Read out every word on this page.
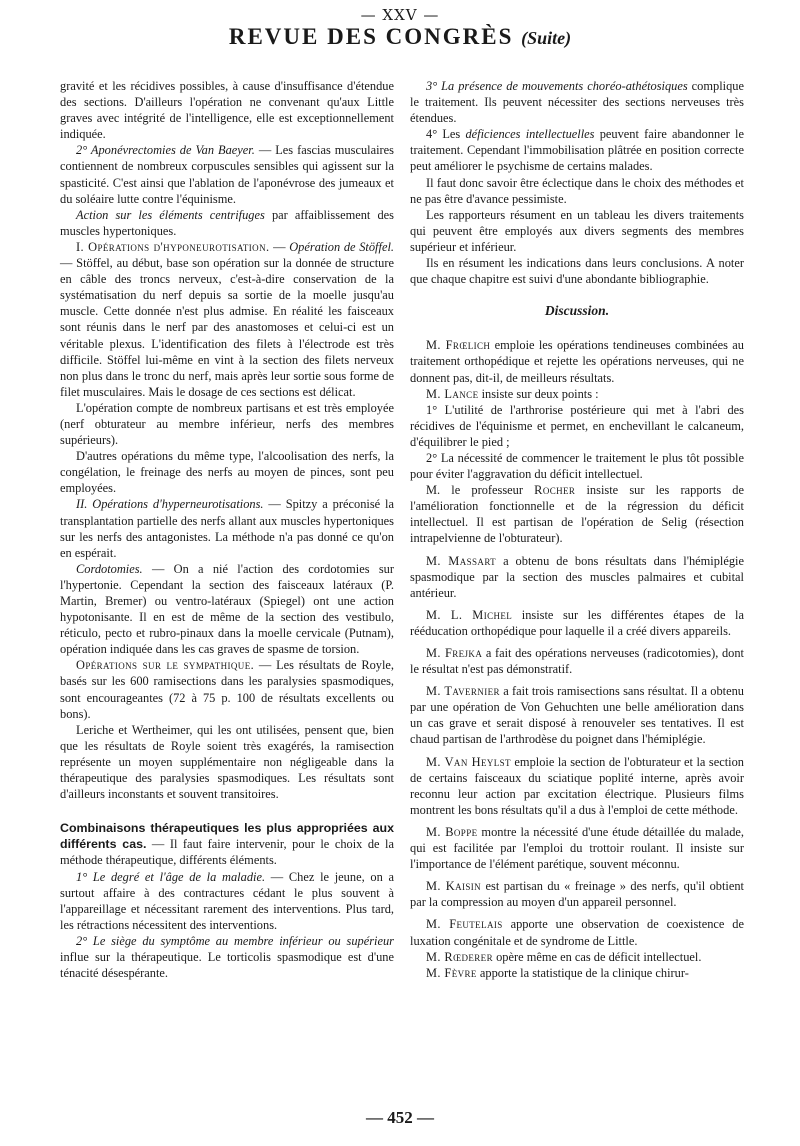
— XXV —
REVUE DES CONGRÈS (Suite)

gravité et les récidives possibles, à cause d'insuffisance d'étendue des sections. D'ailleurs l'opération ne convenant qu'aux Little graves avec intégrité de l'intelligence, elle est exceptionnellement indiquée.

2° Aponévrectomies de Van Baeyer. — Les fascias musculaires contiennent de nombreux corpuscules sensibles qui agissent sur la spasticité. C'est ainsi que l'ablation de l'aponévrose des jumeaux et du soléaire lutte contre l'équinisme.

Action sur les éléments centrifuges par affaiblissement des muscles hypertoniques.

I. Opérations d'hyponeurotisation. — Opération de Stöffel. — Stöffel, au début, base son opération sur la donnée de structure en câble des troncs nerveux, c'est-à-dire conservation de la systématisation du nerf depuis sa sortie de la moelle jusqu'au muscle. Cette donnée n'est plus admise. En réalité les faisceaux sont réunis dans le nerf par des anastomoses et celui-ci est un véritable plexus. L'identification des filets à l'électrode est très difficile. Stöffel lui-même en vint à la section des filets nerveux non plus dans le tronc du nerf, mais après leur sortie sous forme de filet musculaires. Mais le dosage de ces sections est délicat.

L'opération compte de nombreux partisans et est très employée (nerf obturateur au membre inférieur, nerfs des membres supérieurs).

D'autres opérations du même type, l'alcoolisation des nerfs, la congélation, le freinage des nerfs au moyen de pinces, sont peu employées.

II. Opérations d'hyperneurotisations. — Spitzy a préconisé la transplantation partielle des nerfs allant aux muscles hypertoniques sur les nerfs des antagonistes. La méthode n'a pas donné ce qu'on en espérait.

Cordotomies. — On a nié l'action des cordotomies sur l'hypertonie. Cependant la section des faisceaux latéraux (P. Martin, Bremer) ou ventro-latéraux (Spiegel) ont une action hypotonisante. Il en est de même de la section des vestibulo, réticulo, pecto et rubro-pinaux dans la moelle cervicale (Putnam), opération indiquée dans les cas graves de spasme de torsion.

Opérations sur le sympathique. — Les résultats de Royle, basés sur les 600 ramisections dans les paralysies spasmodiques, sont encourageantes (72 à 75 p. 100 de résultats excellents ou bons).

Leriche et Wertheimer, qui les ont utilisées, pensent que, bien que les résultats de Royle soient très exagérés, la ramisection représente un moyen supplémentaire non négligeable dans la thérapeutique des paralysies spasmodiques. Les résultats sont d'ailleurs inconstants et souvent transitoires.

Combinaisons thérapeutiques les plus appropriées aux différents cas. — Il faut faire intervenir, pour le choix de la méthode thérapeutique, différents éléments.

1° Le degré et l'âge de la maladie. — Chez le jeune, on a surtout affaire à des contractures cédant le plus souvent à l'appareillage et nécessitant rarement des interventions. Plus tard, les rétractions nécessitent des interventions.

2° Le siège du symptôme au membre inférieur ou supérieur influe sur la thérapeutique. Le torticolis spasmodique est d'une ténacité désespérante.

3° La présence de mouvements choréo-athétosiques complique le traitement. Ils peuvent nécessiter des sections nerveuses très étendues.

4° Les déficiences intellectuelles peuvent faire abandonner le traitement. Cependant l'immobilisation plâtrée en position correcte peut améliorer le psychisme de certains malades.

Il faut donc savoir être éclectique dans le choix des méthodes et ne pas être d'avance pessimiste.

Les rapporteurs résument en un tableau les divers traitements qui peuvent être employés aux divers segments des membres supérieur et inférieur.

Ils en résument les indications dans leurs conclusions. A noter que chaque chapitre est suivi d'une abondante bibliographie.

Discussion.

M. Frœlich emploie les opérations tendineuses combinées au traitement orthopédique et rejette les opérations nerveuses, qui ne donnent pas, dit-il, de meilleurs résultats.

M. Lance insiste sur deux points :

1° L'utilité de l'arthrorise postérieure qui met à l'abri des récidives de l'équinisme et permet, en enchevillant le calcaneum, d'équilibrer le pied ;

2° La nécessité de commencer le traitement le plus tôt possible pour éviter l'aggravation du déficit intellectuel.

M. le professeur Rocher insiste sur les rapports de l'amélioration fonctionnelle et de la régression du déficit intellectuel. Il est partisan de l'opération de Selig (résection intrapelvienne de l'obturateur).

M. Massart a obtenu de bons résultats dans l'hémiplégie spasmodique par la section des muscles palmaires et cubital antérieur.

M. L. Michel insiste sur les différentes étapes de la rééducation orthopédique pour laquelle il a créé divers appareils.

M. Frejka a fait des opérations nerveuses (radicotomies), dont le résultat n'est pas démonstratif.

M. Tavernier a fait trois ramisections sans résultat. Il a obtenu par une opération de Von Gehuchten une belle amélioration dans un cas grave et serait disposé à renouveler ses tentatives. Il est chaud partisan de l'arthrodèse du poignet dans l'hémiplégie.

M. Van Heylst emploie la section de l'obturateur et la section de certains faisceaux du sciatique poplité interne, après avoir reconnu leur action par excitation électrique. Plusieurs films montrent les bons résultats qu'il a dus à l'emploi de cette méthode.

M. Boppe montre la nécessité d'une étude détaillée du malade, qui est facilitée par l'emploi du trottoir roulant. Il insiste sur l'importance de l'élément parétique, souvent méconnu.

M. Kaisin est partisan du « freinage » des nerfs, qu'il obtient par la compression au moyen d'un appareil personnel.

M. Feutelais apporte une observation de coexistence de luxation congénitale et de syndrome de Little.

M. Rœderer opère même en cas de déficit intellectuel.

M. Fèvre apporte la statistique de la clinique chirur-

— 452 —
